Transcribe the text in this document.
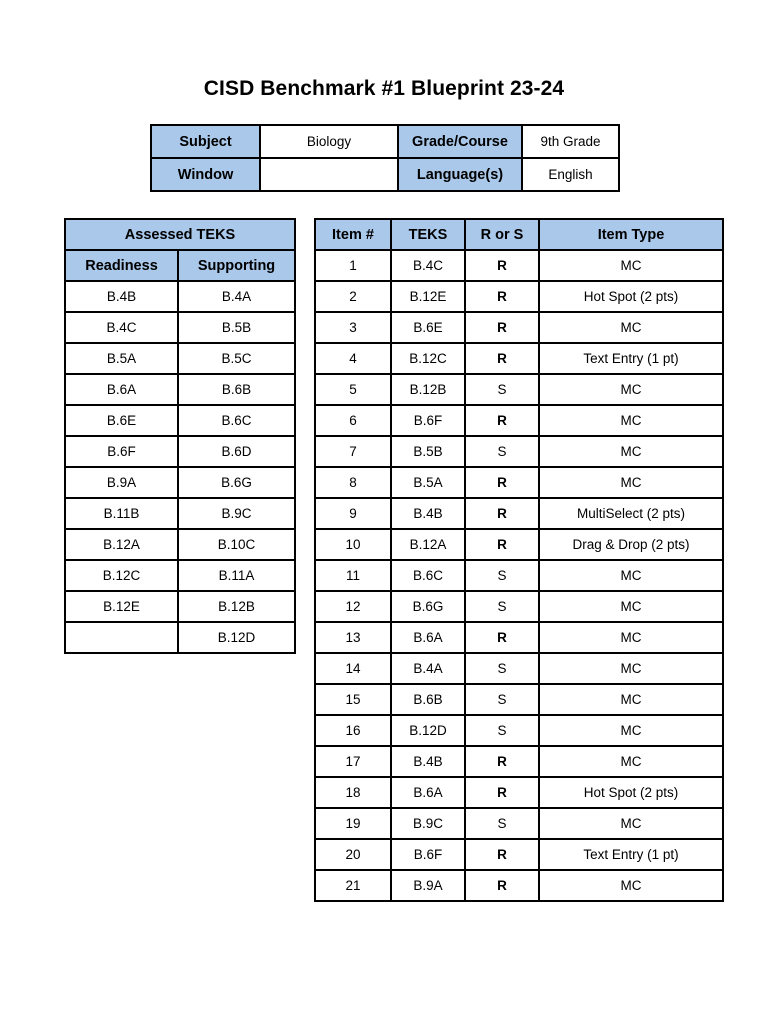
CISD Benchmark #1 Blueprint 23-24
Subject	Biology	Grade/Course	9th Grade
Window		Language(s)	English
Assessed TEKS	
Readiness	Supporting
B.4B	B.4A
B.4C	B.5B
B.5A	B.5C
B.6A	B.6B
B.6E	B.6C
B.6F	B.6D
B.9A	B.6G
B.11B	B.9C
B.12A	B.10C
B.12C	B.11A
B.12E	B.12B
	B.12D
Item #	TEKS	R or S	Item Type
1	B.4C	R	MC
2	B.12E	R	Hot Spot (2 pts)
3	B.6E	R	MC
4	B.12C	R	Text Entry (1 pt)
5	B.12B	S	MC
6	B.6F	R	MC
7	B.5B	S	MC
8	B.5A	R	MC
9	B.4B	R	MultiSelect (2 pts)
10	B.12A	R	Drag & Drop (2 pts)
11	B.6C	S	MC
12	B.6G	S	MC
13	B.6A	R	MC
14	B.4A	S	MC
15	B.6B	S	MC
16	B.12D	S	MC
17	B.4B	R	MC
18	B.6A	R	Hot Spot (2 pts)
19	B.9C	S	MC
20	B.6F	R	Text Entry (1 pt)
21	B.9A	R	MC
